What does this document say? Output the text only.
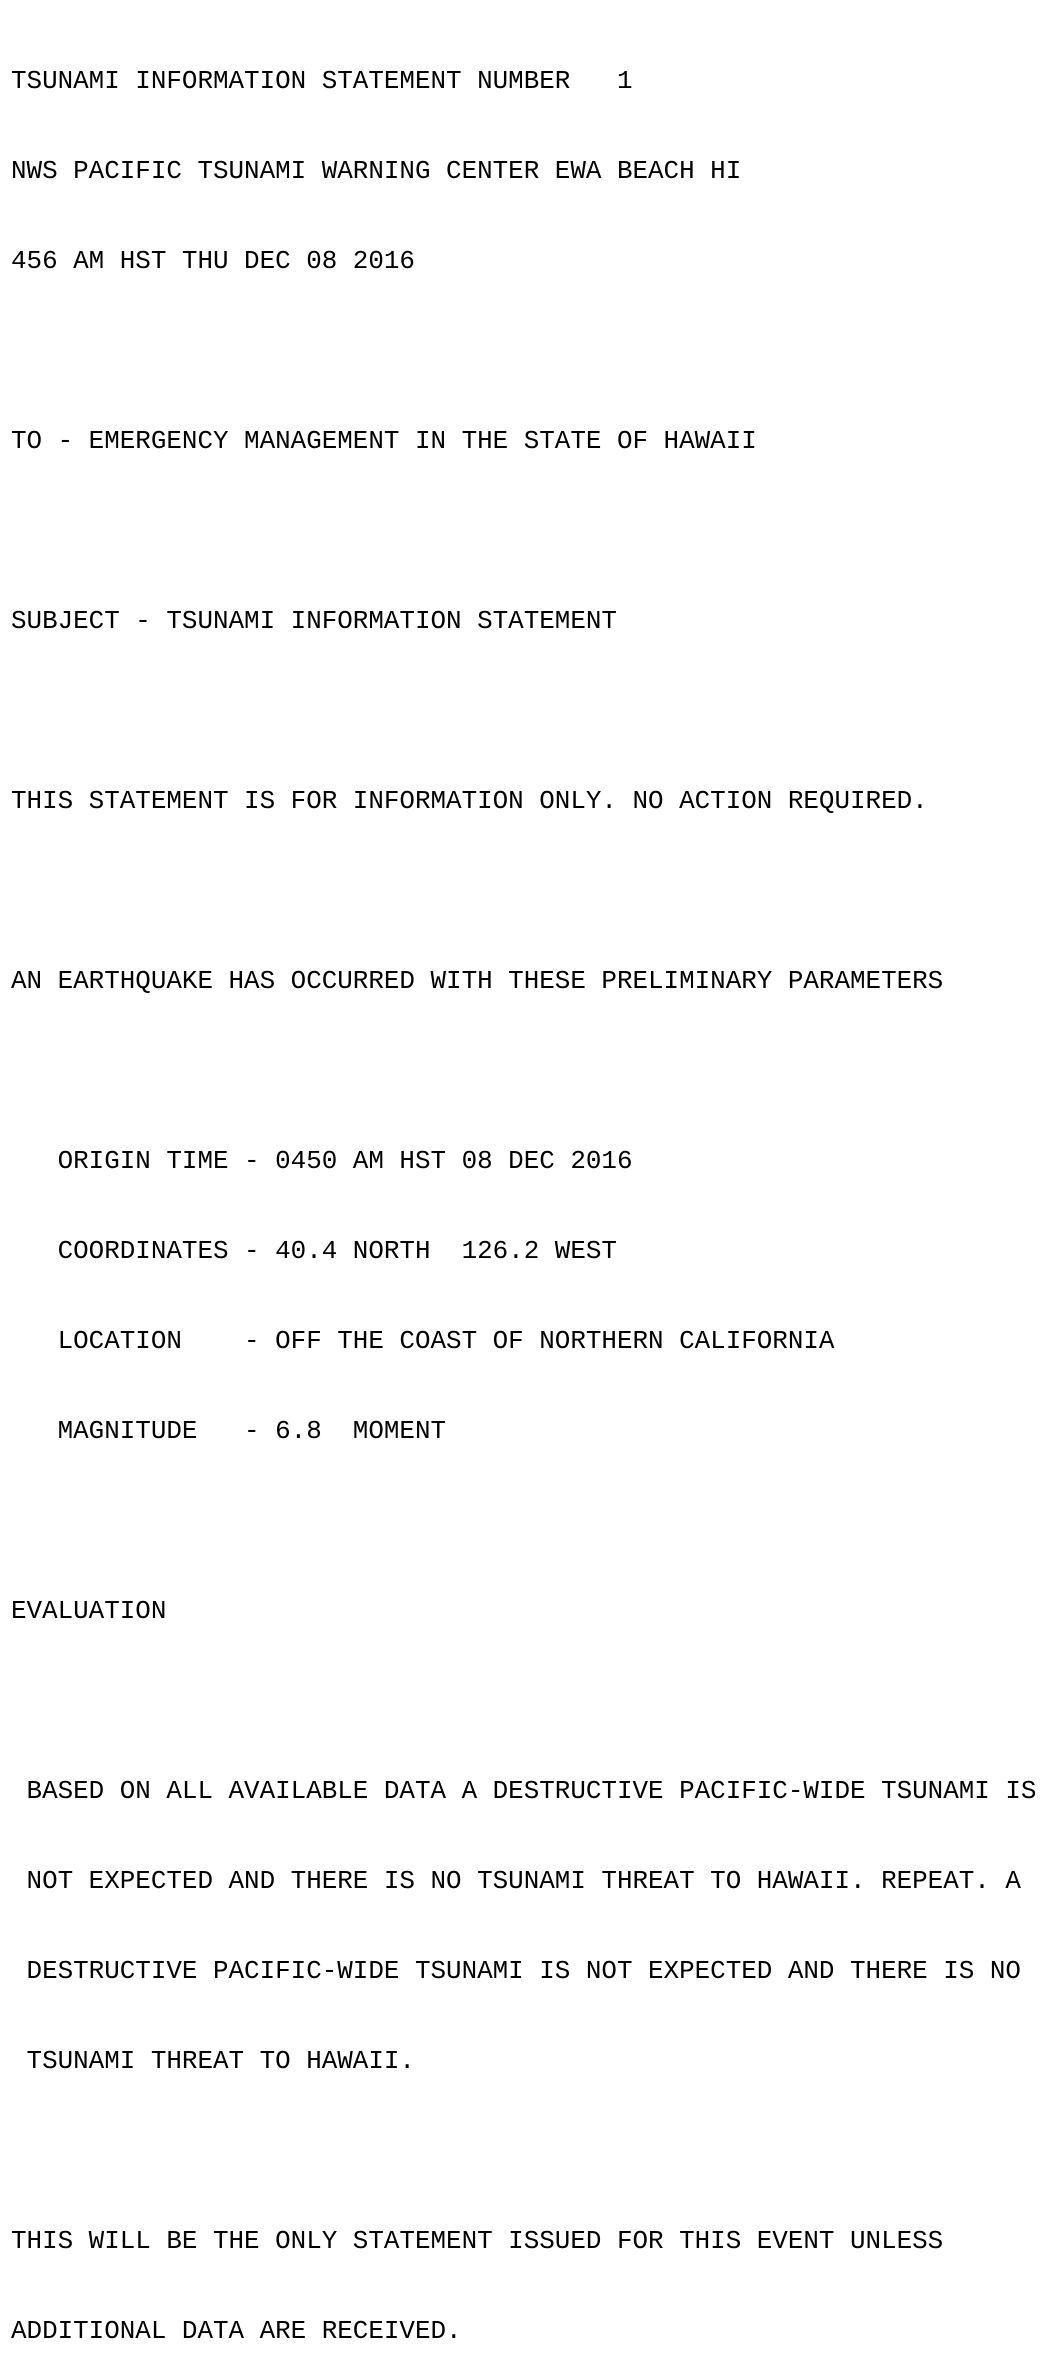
TSUNAMI INFORMATION STATEMENT NUMBER   1

NWS PACIFIC TSUNAMI WARNING CENTER EWA BEACH HI

456 AM HST THU DEC 08 2016

TO - EMERGENCY MANAGEMENT IN THE STATE OF HAWAII

SUBJECT - TSUNAMI INFORMATION STATEMENT

THIS STATEMENT IS FOR INFORMATION ONLY. NO ACTION REQUIRED.

AN EARTHQUAKE HAS OCCURRED WITH THESE PRELIMINARY PARAMETERS

ORIGIN TIME - 0450 AM HST 08 DEC 2016

COORDINATES - 40.4 NORTH  126.2 WEST

LOCATION    - OFF THE COAST OF NORTHERN CALIFORNIA

MAGNITUDE   - 6.8  MOMENT

EVALUATION

BASED ON ALL AVAILABLE DATA A DESTRUCTIVE PACIFIC-WIDE TSUNAMI IS

NOT EXPECTED AND THERE IS NO TSUNAMI THREAT TO HAWAII. REPEAT. A

DESTRUCTIVE PACIFIC-WIDE TSUNAMI IS NOT EXPECTED AND THERE IS NO

TSUNAMI THREAT TO HAWAII.

THIS WILL BE THE ONLY STATEMENT ISSUED FOR THIS EVENT UNLESS

ADDITIONAL DATA ARE RECEIVED.
